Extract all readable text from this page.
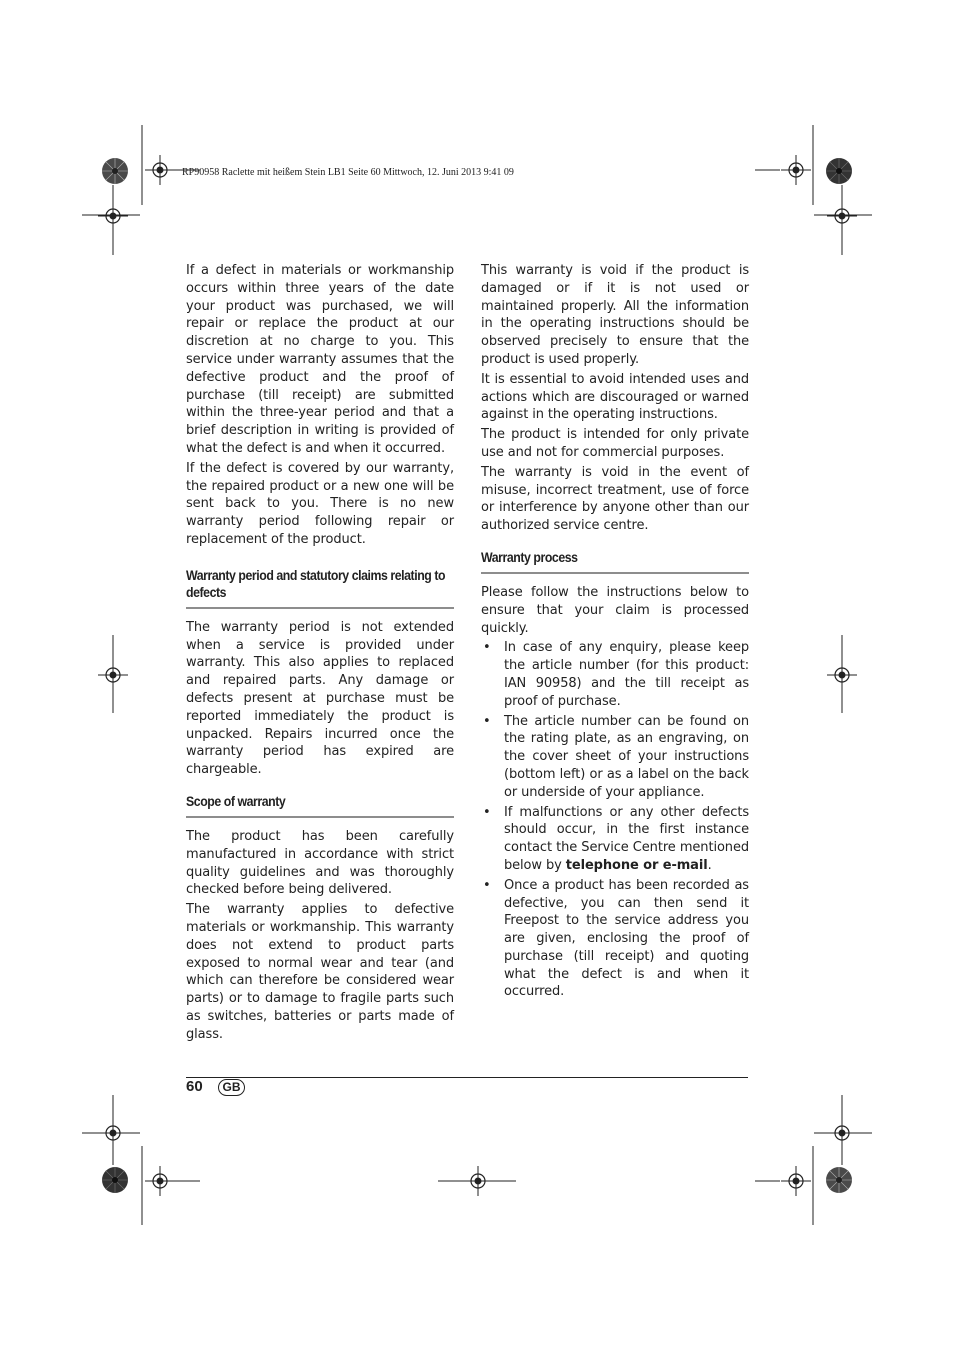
RP90958 Raclette mit heißem Stein LB1 Seite 60 Mittwoch, 12. Juni 2013 9:41 09

If a defect in materials or workmanship occurs within three years of the date your product was purchased, we will repair or replace the product at our discretion at no charge to you. This service under warranty assumes that the defective product and the proof of purchase (till receipt) are submitted within the three-year period and that a brief description in writing is provided of what the defect is and when it occurred.

If the defect is covered by our warranty, the repaired product or a new one will be sent back to you. There is no new warranty period following repair or replacement of the product.

Warranty period and statutory claims relating to defects

The warranty period is not extended when a service is provided under warranty. This also applies to replaced and repaired parts. Any damage or defects present at purchase must be reported immediately the product is unpacked. Repairs incurred once the warranty period has expired are chargeable.

Scope of warranty

The product has been carefully manufactured in accordance with strict quality guidelines and was thoroughly checked before being delivered.

The warranty applies to defective materials or workmanship. This warranty does not extend to product parts exposed to normal wear and tear (and which can therefore be considered wear parts) or to damage to fragile parts such as switches, batteries or parts made of glass.

This warranty is void if the product is damaged or if it is not used or maintained properly. All the information in the operating instructions should be observed precisely to ensure that the product is used properly.

It is essential to avoid intended uses and actions which are discouraged or warned against in the operating instructions.

The product is intended for only private use and not for commercial purposes.

The warranty is void in the event of misuse, incorrect treatment, use of force or interference by anyone other than our authorized service centre.

Warranty process

Please follow the instructions below to ensure that your claim is processed quickly.

• In case of any enquiry, please keep the article number (for this product: IAN 90958) and the till receipt as proof of purchase.

• The article number can be found on the rating plate, as an engraving, on the cover sheet of your instructions (bottom left) or as a label on the back or underside of your appliance.

• If malfunctions or any other defects should occur, in the first instance contact the Service Centre mentioned below by telephone or e-mail.

• Once a product has been recorded as defective, you can then send it Freepost to the service address you are given, enclosing the proof of purchase (till receipt) and quoting what the defect is and when it occurred.

60	GB
